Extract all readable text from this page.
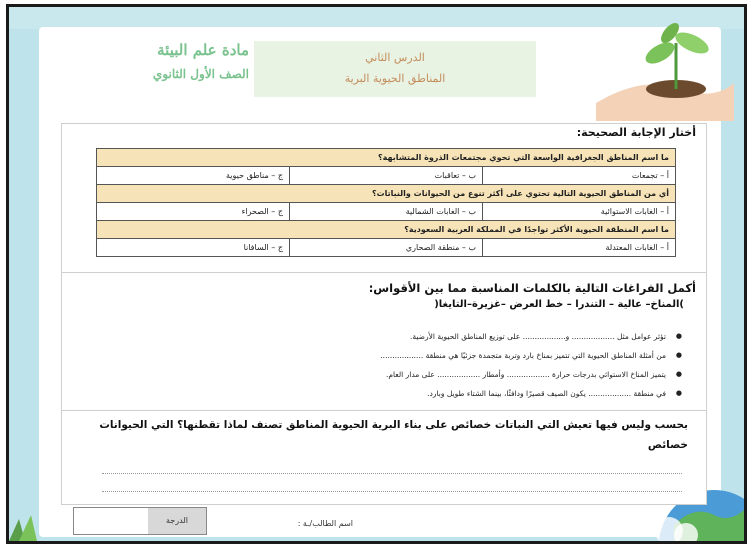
مادة علم البيئة
الصف الأول الثانوي
الدرس الثاني
المناطق الحيوية البرية
أختار الإجابة الصحيحة:
ما اسم المناطق الجغرافية الواسعة التي تحوي مجتمعات الذروة المتشابهة؟		
أ – تجمعات	ب – تعاقبات	ج – مناطق حيوية
أي من المناطق الحيوية التالية تحتوي على أكثر تنوع من الحيوانات والنباتات؟		
أ – الغابات الاستوائية	ب – الغابات الشمالية	ج – الصحراء
ما اسم المنطقة الحيوية الأكثر تواجدًا في المملكة العربية السعودية؟		
أ – الغابات المعتدلة	ب – منطقة الصحاري	ج – السافانا
أكمل الفراغات التالية بالكلمات المناسبة مما بين الأقواس:
)المناخ– عالية – التندرا – خط العرض –غزيرة–التايغا(
● تؤثر عوامل مثل .................. و.................. على توزيع المناطق الحيوية الأرضية.
● من أمثلة المناطق الحيوية التي تتميز بمناخ بارد وتربة متجمدة جزئيًا هي منطقة ..................
● يتميز المناخ الاستوائي بدرجات حرارة .................. وأمطار .................. على مدار العام.
● في منطقة .................. يكون الصيف قصيرًا ودافئًا، بينما الشتاء طويل وبارد.
بحسب وليس فيها تعيش التي النباتات خصائص على بناء البرية الحيوية المناطق تصنف لماذا تقطنها؟ التي الحيوانات خصائص
اسم الطالب/ـة :
الدرجة
